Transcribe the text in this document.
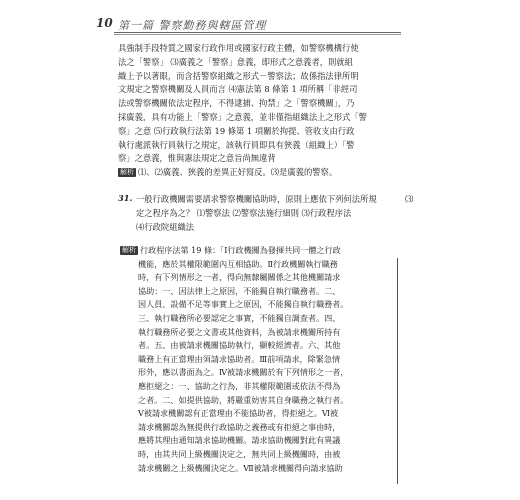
10 第一篇 警察勤務與轄區管理
具強制手段特質之國家行政作用或國家行政主體，如警察機構行使
法之「警察」 ⑶廣義之「警察」意義，即形式之意義者，則就組
織上予以著眼，而含括警察組織之形式－警察法；故係指法律所明
文規定之警察機關及人員而言 ⑷憲法第 8 條第 1 項所稱「非經司
法或警察機關依法定程序，不得逮捕、拘禁」之「警察機關」，乃
採廣義，具有功能上「警察」之意義，並非僅指組織法上之形式「警
察」之意 ⑸行政執行法第 19 條第 1 項關於拘提、管收支由行政
執行處派執行員執行之規定，該執行員即具有狹義（組織上）「警
察」之意義，惟與憲法規定之意旨尚無違背
解析 ⑴、⑵廣義、狹義的差異正好寫反。⑶是廣義的警察。
31. 一般行政機關需要請求警察機關協助時，原則上應依下列何法所規
定之程序為之？ ⑴警察法 ⑵警察法施行細則 ⑶行政程序法
⑷行政院組織法
⑶
解析 行政程序法第 19 條：「Ⅰ行政機關為發揮共同一體之行政
機能，應於其權限範圍內互相協助。Ⅱ行政機關執行職務
時，有下列情形之一者，得向無隸屬關係之其他機關請求
協助：一、因法律上之原因，不能獨自執行職務者。二、
因人員、設備不足等事實上之原因，不能獨自執行職務者。
三、執行職務所必要認定之事實，不能獨自調查者。四、
執行職務所必要之文書或其他資料，為被請求機關所持有
者。五、由被請求機關協助執行，顯較經濟者。六、其他
職務上有正當理由須請求協助者。Ⅲ前項請求，除緊急情
形外，應以書面為之。Ⅳ被請求機關於有下列情形之一者，
應拒絕之：一、協助之行為，非其權限範圍或依法不得為
之者。二、如提供協助，將嚴重妨害其自身職務之執行者。
Ⅴ被請求機關認有正當理由不能協助者，得拒絕之。Ⅵ被
請求機關認為無提供行政協助之義務或有拒絕之事由時，
應將其理由通知請求協助機關。請求協助機關對此有異議
時，由其共同上級機關決定之，無共同上級機關時，由被
請求機關之上級機關決定之。Ⅶ被請求機關得向請求協助
